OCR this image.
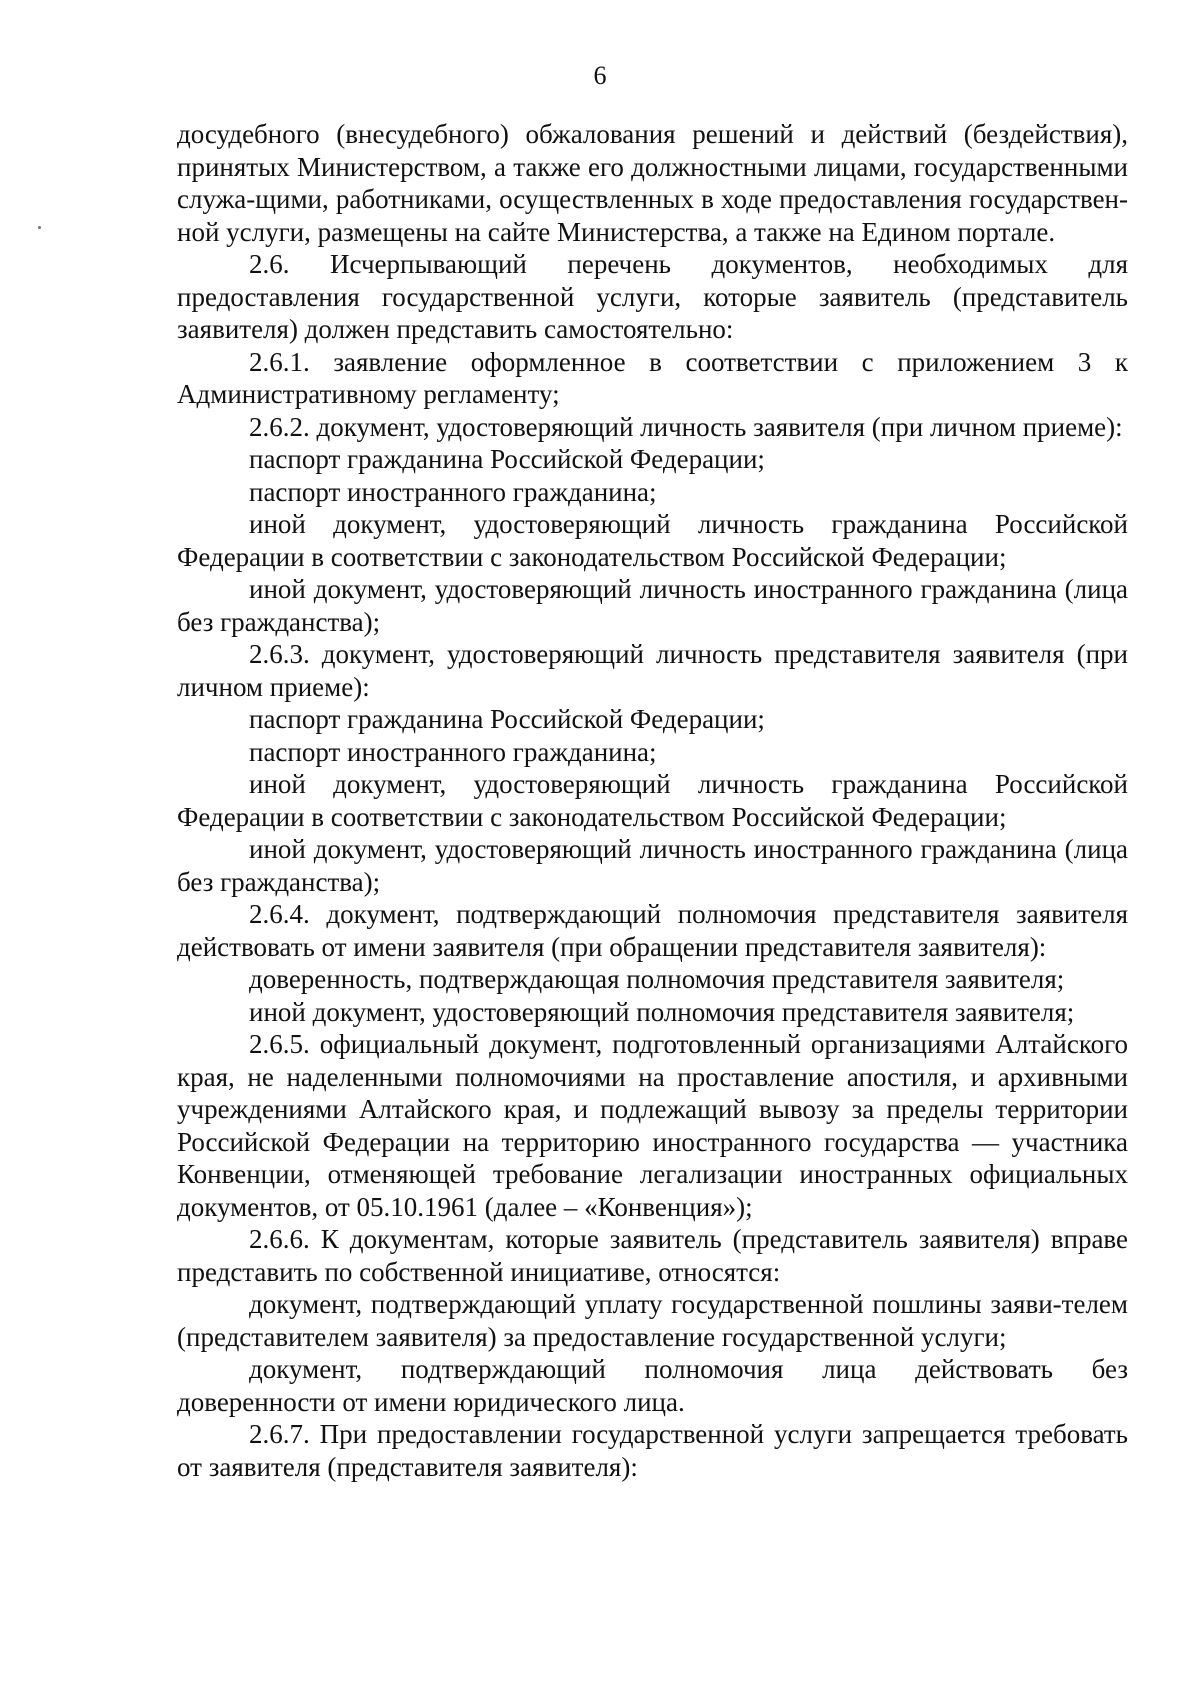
6

досудебного (внесудебного) обжалования решений и действий (бездействия), принятых Министерством, а также его должностными лицами, государственными служа-щими, работниками, осуществленных в ходе предоставления государствен-ной услуги, размещены на сайте Министерства, а также на Едином портале.

2.6. Исчерпывающий перечень документов, необходимых для предоставления государственной услуги, которые заявитель (представитель заявителя) должен представить самостоятельно:

2.6.1. заявление оформленное в соответствии с приложением 3 к Административному регламенту;

2.6.2. документ, удостоверяющий личность заявителя (при личном приеме):

паспорт гражданина Российской Федерации;

паспорт иностранного гражданина;

иной документ, удостоверяющий личность гражданина Российской Федерации в соответствии с законодательством Российской Федерации;

иной документ, удостоверяющий личность иностранного гражданина (лица без гражданства);

2.6.3. документ, удостоверяющий личность представителя заявителя (при личном приеме):

паспорт гражданина Российской Федерации;

паспорт иностранного гражданина;

иной документ, удостоверяющий личность гражданина Российской Федерации в соответствии с законодательством Российской Федерации;

иной документ, удостоверяющий личность иностранного гражданина (лица без гражданства);

2.6.4. документ, подтверждающий полномочия представителя заявителя действовать от имени заявителя (при обращении представителя заявителя):

доверенность, подтверждающая полномочия представителя заявителя;

иной документ, удостоверяющий полномочия представителя заявителя;

2.6.5. официальный документ, подготовленный организациями Алтайского края, не наделенными полномочиями на проставление апостиля, и архивными учреждениями Алтайского края, и подлежащий вывозу за пределы территории Российской Федерации на территорию иностранного государства — участника Конвенции, отменяющей требование легализации иностранных официальных документов, от 05.10.1961 (далее – «Конвенция»);

2.6.6. К документам, которые заявитель (представитель заявителя) вправе представить по собственной инициативе, относятся:

документ, подтверждающий уплату государственной пошлины заяви-телем (представителем заявителя) за предоставление государственной услуги;

документ, подтверждающий полномочия лица действовать без доверенности от имени юридического лица.

2.6.7. При предоставлении государственной услуги запрещается требовать от заявителя (представителя заявителя):
